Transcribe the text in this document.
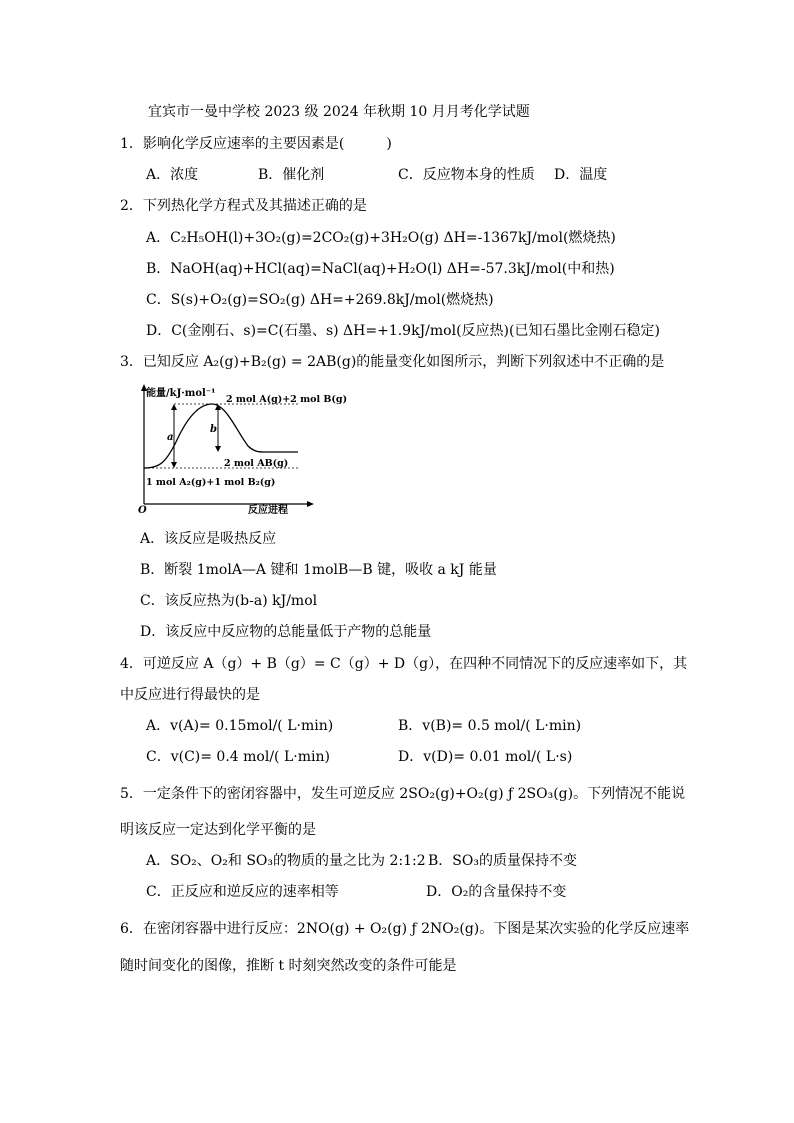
宜宾市一曼中学校 2023 级 2024 年秋期 10 月月考化学试题
1．影响化学反应速率的主要因素是(　　　)
A．浓度	B．催化剂	C．反应物本身的性质 D．温度
2．下列热化学方程式及其描述正确的是
A．C₂H₅OH(l)+3O₂(g)=2CO₂(g)+3H₂O(g) ΔH=-1367kJ/mol(燃烧热)
B．NaOH(aq)+HCl(aq)=NaCl(aq)+H₂O(l) ΔH=-57.3kJ/mol(中和热)
C．S(s)+O₂(g)=SO₂(g) ΔH=+269.8kJ/mol(燃烧热)
D．C(金刚石、s)=C(石墨、s) ΔH=+1.9kJ/mol(反应热)(已知石墨比金刚石稳定)
3．已知反应 A₂(g)+B₂(g) = 2AB(g)的能量变化如图所示，判断下列叙述中不正确的是
能量/kJ·mol⁻¹
O	反应进程
a
b
2 mol A(g)+2 mol B(g)
2 mol AB(g)
1 mol A₂(g)+1 mol B₂(g)
A．该反应是吸热反应
B．断裂 1molA—A 键和 1molB—B 键，吸收 a kJ 能量
C．该反应热为(b-a) kJ/mol
D．该反应中反应物的总能量低于产物的总能量
4．可逆反应 A（g）+ B（g）= C（g）+ D（g），在四种不同情况下的反应速率如下，其
中反应进行得最快的是
A．v(A)= 0.15mol/( L·min)	B．v(B)= 0.5 mol/( L·min)
C．v(C)= 0.4 mol/( L·min)	D．v(D)= 0.01 mol/( L·s)
5．一定条件下的密闭容器中，发生可逆反应 2SO₂(g)+O₂(g) ƒ 2SO₃(g)。下列情况不能说
明该反应一定达到化学平衡的是
A．SO₂、O₂和 SO₃的物质的量之比为 2:1:2 B．SO₃的质量保持不变
C．正反应和逆反应的速率相等	D．O₂的含量保持不变
6．在密闭容器中进行反应：2NO(g) + O₂(g) ƒ 2NO₂(g)。下图是某次实验的化学反应速率
随时间变化的图像，推断 t 时刻突然改变的条件可能是
